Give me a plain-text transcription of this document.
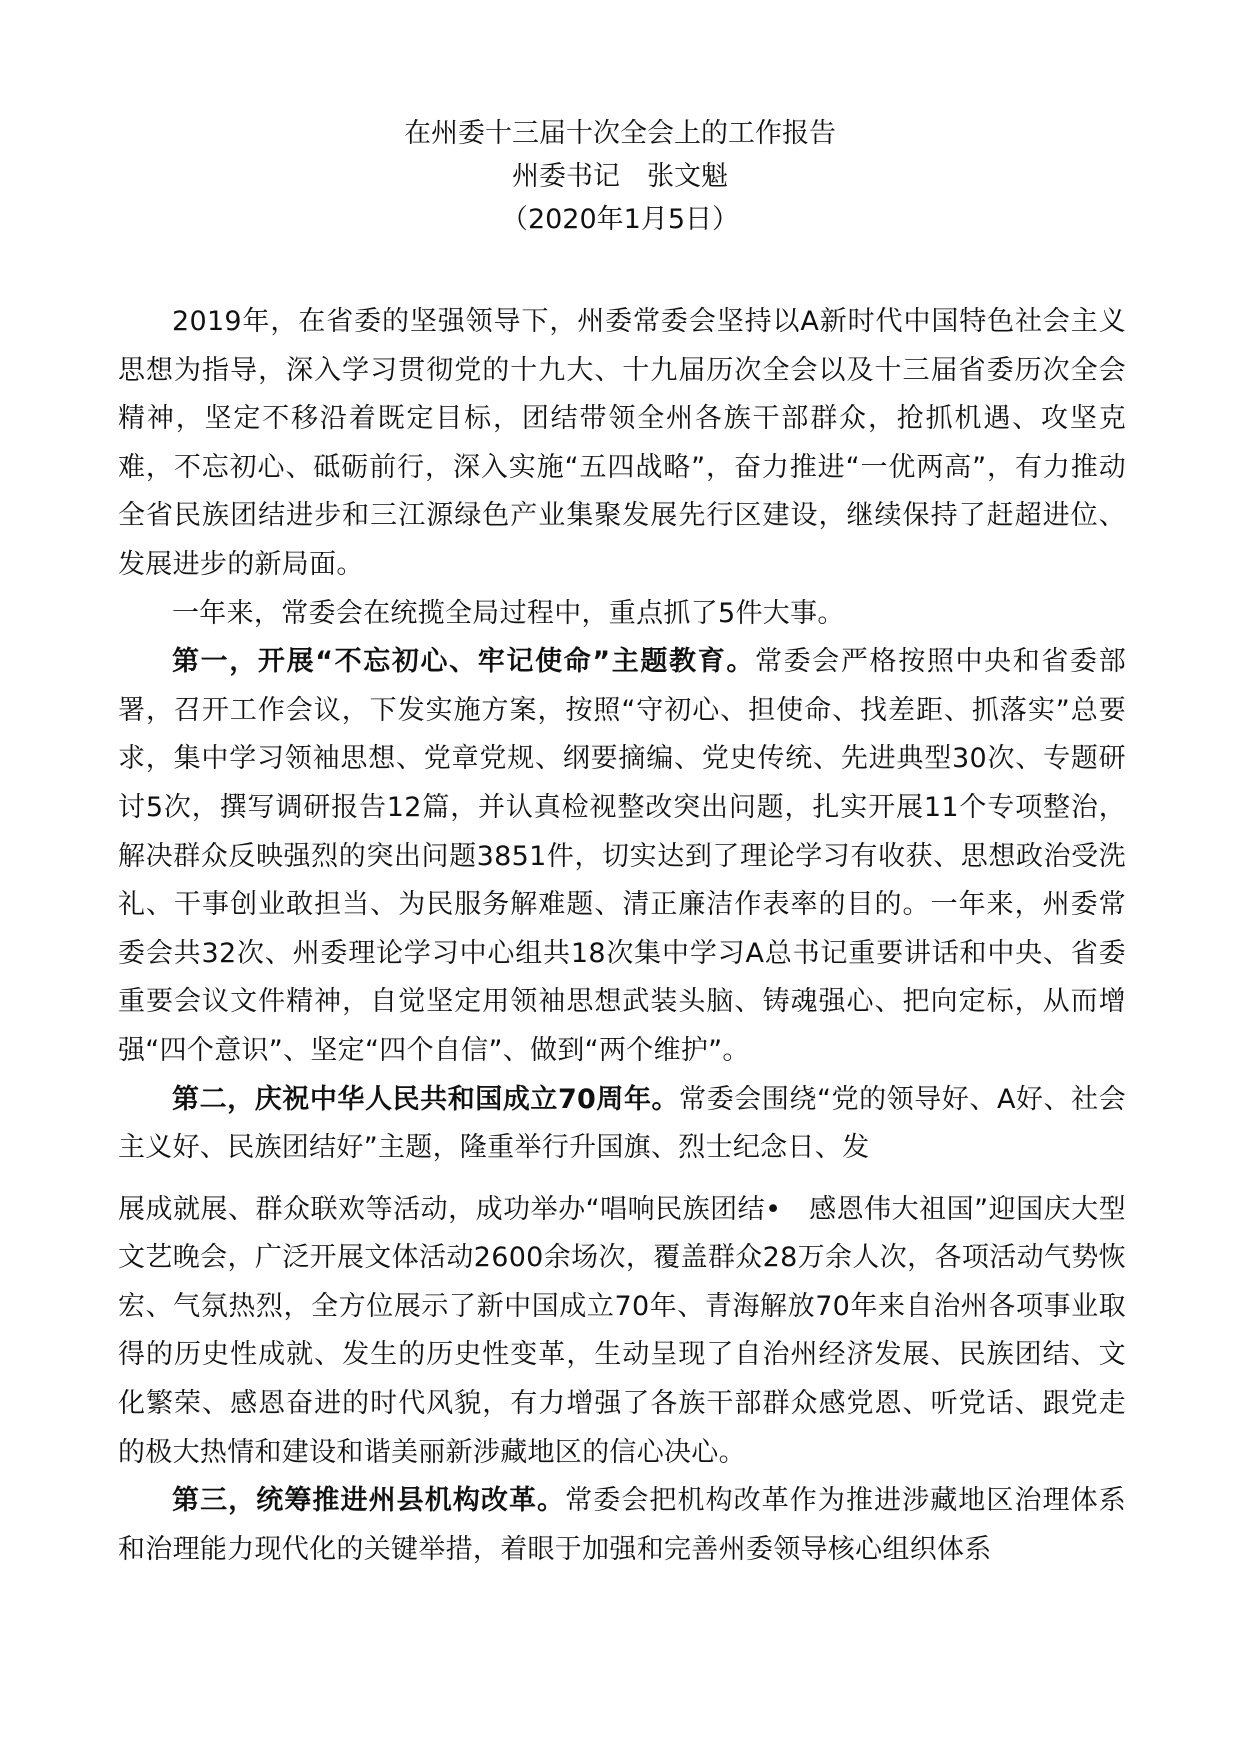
在州委十三届十次全会上的工作报告
州委书记　张文魁
（2020年1月5日）

2019年，在省委的坚强领导下，州委常委会坚持以A新时代中国特色社会主义思想为指导，深入学习贯彻党的十九大、十九届历次全会以及十三届省委历次全会精神，坚定不移沿着既定目标，团结带领全州各族干部群众，抢抓机遇、攻坚克难，不忘初心、砥砺前行，深入实施“五四战略”，奋力推进“一优两高”，有力推动全省民族团结进步和三江源绿色产业集聚发展先行区建设，继续保持了赶超进位、发展进步的新局面。

一年来，常委会在统揽全局过程中，重点抓了5件大事。

第一，开展“不忘初心、牢记使命”主题教育。常委会严格按照中央和省委部署，召开工作会议，下发实施方案，按照“守初心、担使命、找差距、抓落实”总要求，集中学习领袖思想、党章党规、纲要摘编、党史传统、先进典型30次、专题研讨5次，撰写调研报告12篇，并认真检视整改突出问题，扎实开展11个专项整治，解决群众反映强烈的突出问题3851件，切实达到了理论学习有收获、思想政治受洗礼、干事创业敢担当、为民服务解难题、清正廉洁作表率的目的。一年来，州委常委会共32次、州委理论学习中心组共18次集中学习A总书记重要讲话和中央、省委重要会议文件精神，自觉坚定用领袖思想武装头脑、铸魂强心、把向定标，从而增强“四个意识”、坚定“四个自信”、做到“两个维护”。

第二，庆祝中华人民共和国成立70周年。常委会围绕“党的领导好、A好、社会主义好、民族团结好”主题，隆重举行升国旗、烈士纪念日、发

展成就展、群众联欢等活动，成功举办“唱响民族团结•　感恩伟大祖国”迎国庆大型文艺晚会，广泛开展文体活动2600余场次，覆盖群众28万余人次，各项活动气势恢宏、气氛热烈，全方位展示了新中国成立70年、青海解放70年来自治州各项事业取得的历史性成就、发生的历史性变革，生动呈现了自治州经济发展、民族团结、文化繁荣、感恩奋进的时代风貌，有力增强了各族干部群众感党恩、听党话、跟党走的极大热情和建设和谐美丽新涉藏地区的信心决心。

第三，统筹推进州县机构改革。常委会把机构改革作为推进涉藏地区治理体系和治理能力现代化的关键举措，着眼于加强和完善州委领导核心组织体系
